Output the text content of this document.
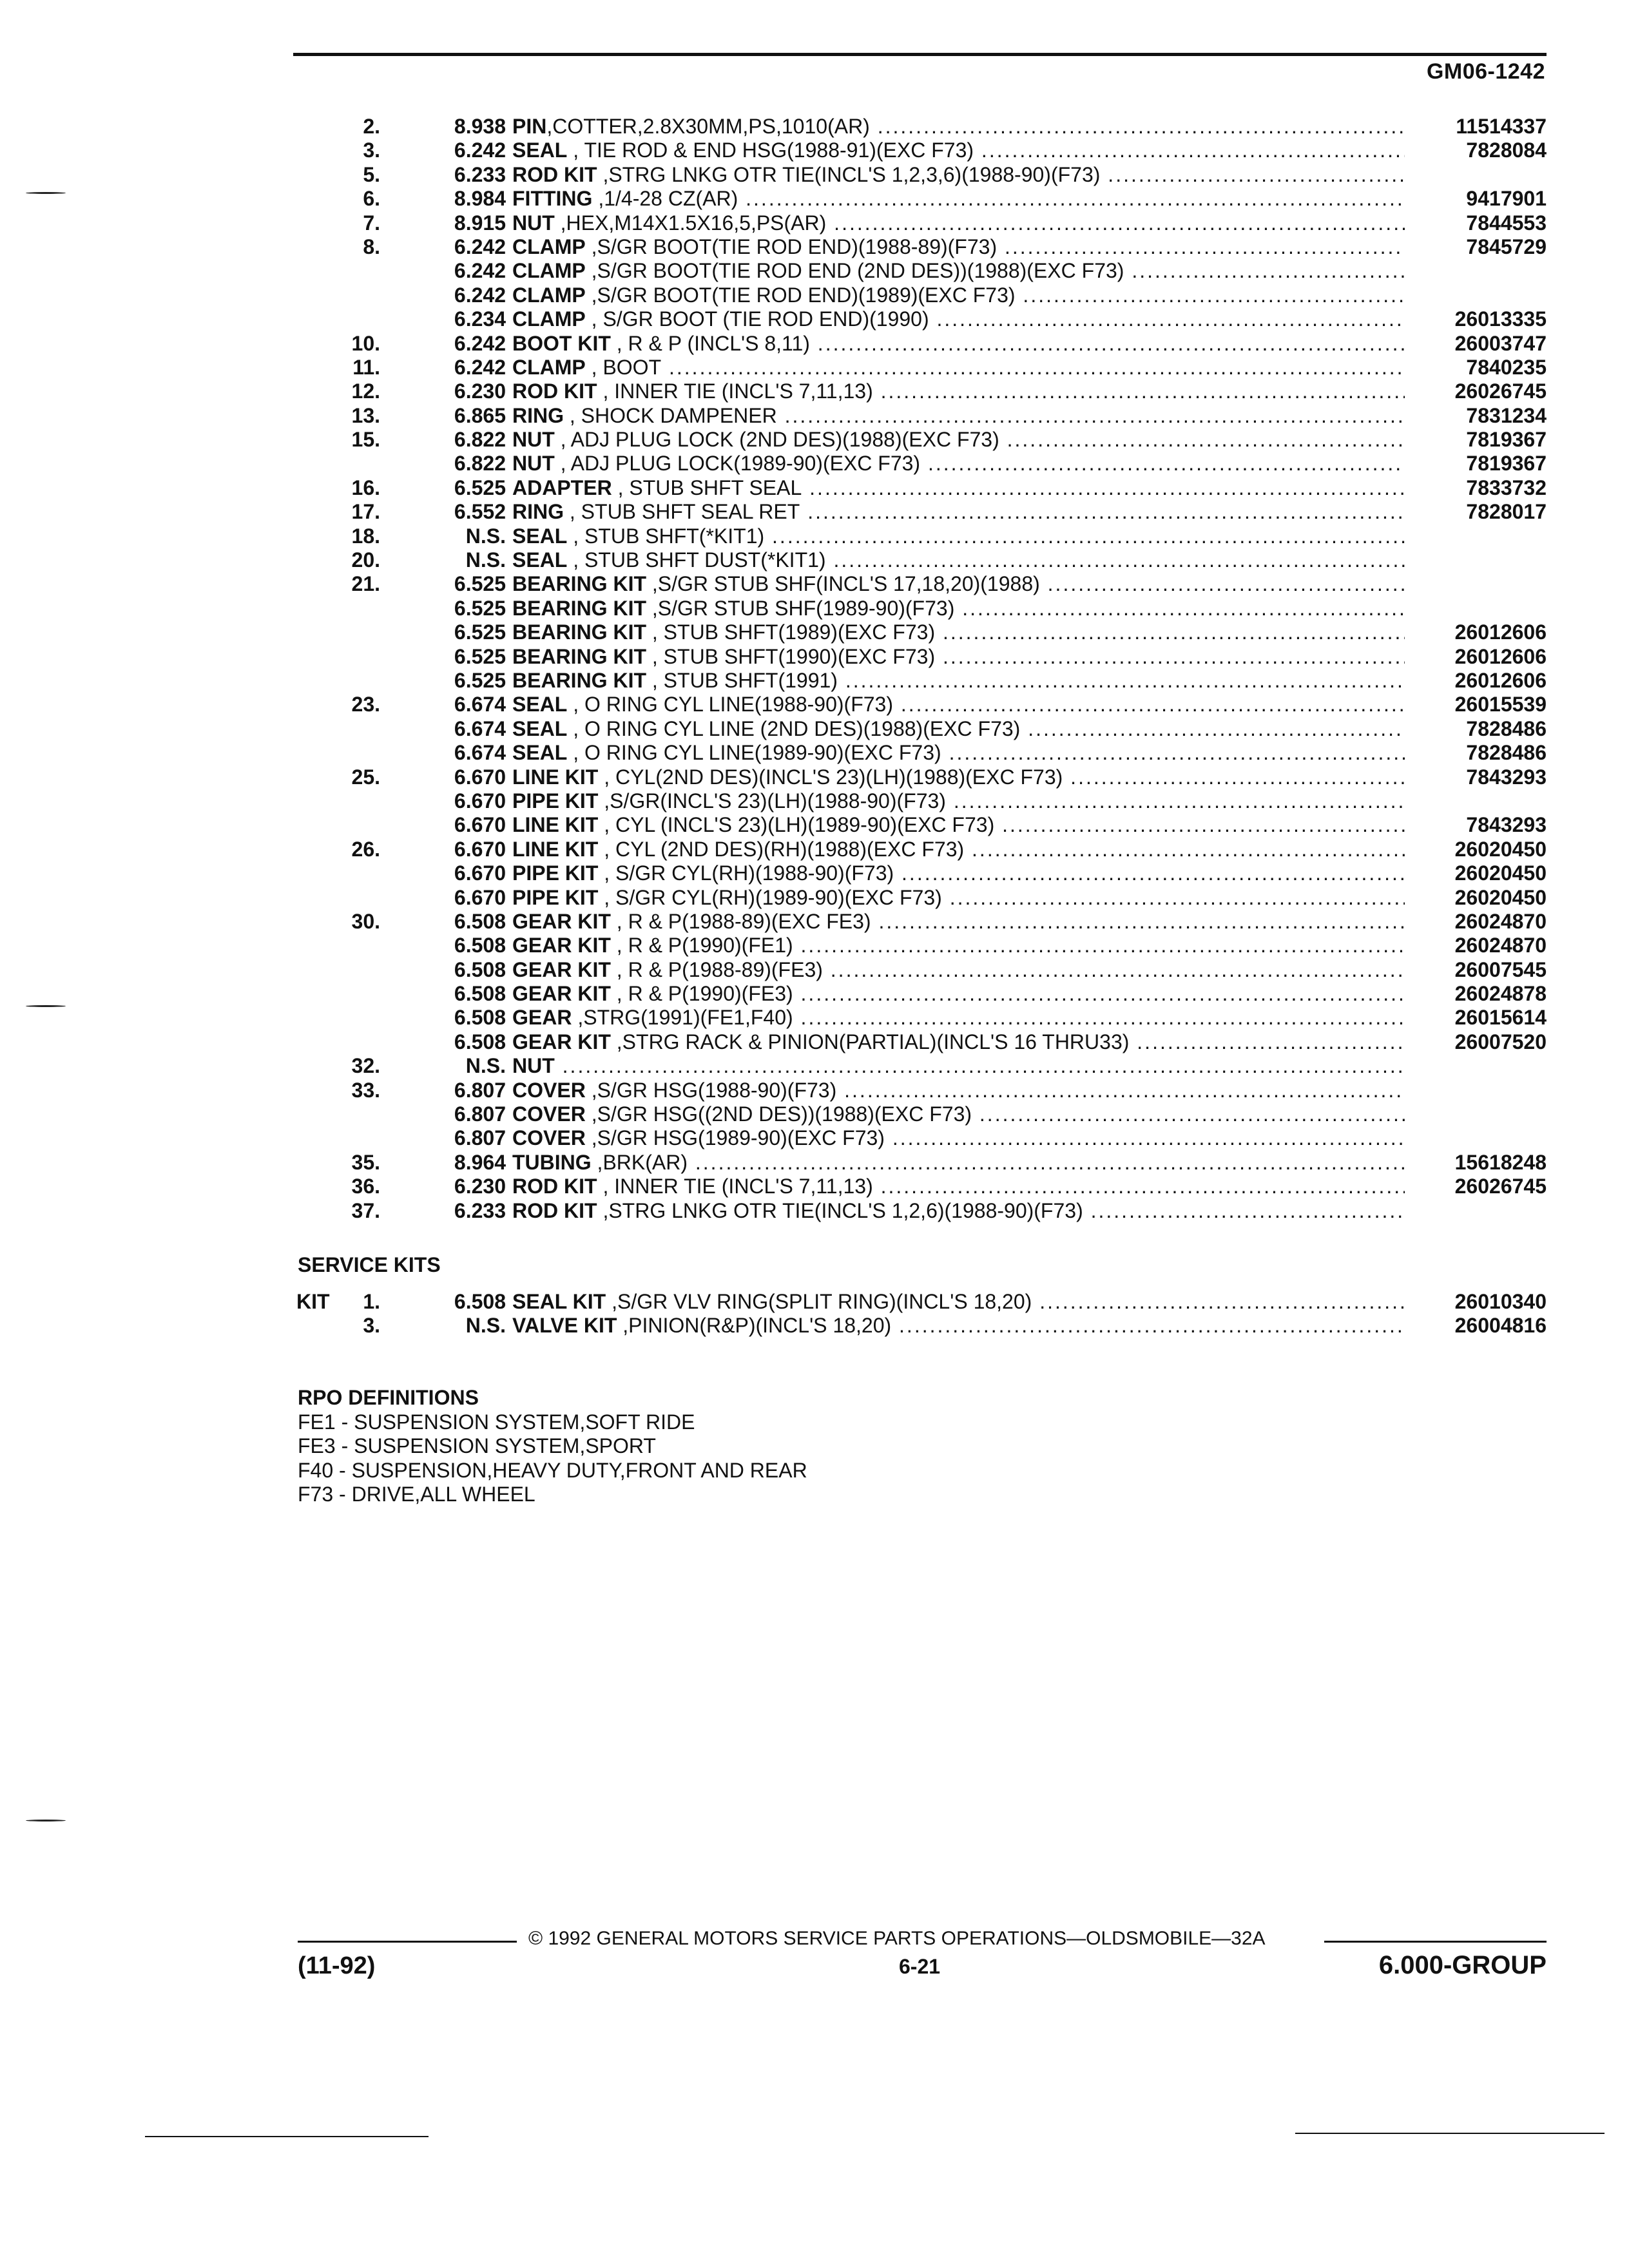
GM06-1242
2.	8.938 PIN,COTTER,2.8X30MM,PS,1010(AR) .....	11514337
3.	6.242 SEAL , TIE ROD & END HSG(1988-91)(EXC F73) .....	7828084
5.	6.233 ROD KIT ,STRG LNKG OTR TIE(INCL'S 1,2,3,6)(1988-90)(F73) .....
6.	8.984 FITTING ,1/4-28 CZ(AR) .....	9417901
7.	8.915 NUT ,HEX,M14X1.5X16,5,PS(AR) .....	7844553
8.	6.242 CLAMP ,S/GR BOOT(TIE ROD END)(1988-89)(F73) .....	7845729
6.242 CLAMP ,S/GR BOOT(TIE ROD END (2ND DES))(1988)(EXC F73) .....
6.242 CLAMP ,S/GR BOOT(TIE ROD END)(1989)(EXC F73) .....
6.234 CLAMP , S/GR BOOT (TIE ROD END)(1990) .....	26013335
10.	6.242 BOOT KIT , R & P (INCL'S 8,11) .....	26003747
11.	6.242 CLAMP , BOOT .....	7840235
12.	6.230 ROD KIT , INNER TIE (INCL'S 7,11,13) .....	26026745
13.	6.865 RING , SHOCK DAMPENER .....	7831234
15.	6.822 NUT , ADJ PLUG LOCK (2ND DES)(1988)(EXC F73) .....	7819367
6.822 NUT , ADJ PLUG LOCK(1989-90)(EXC F73) .....	7819367
16.	6.525 ADAPTER , STUB SHFT SEAL .....	7833732
17.	6.552 RING , STUB SHFT SEAL RET .....	7828017
18.	N.S. SEAL , STUB SHFT(*KIT1) .....
20.	N.S. SEAL , STUB SHFT DUST(*KIT1) .....
21.	6.525 BEARING KIT ,S/GR STUB SHF(INCL'S 17,18,20)(1988) .....
6.525 BEARING KIT ,S/GR STUB SHF(1989-90)(F73) .....
6.525 BEARING KIT , STUB SHFT(1989)(EXC F73) .....	26012606
6.525 BEARING KIT , STUB SHFT(1990)(EXC F73) .....	26012606
6.525 BEARING KIT , STUB SHFT(1991) .....	26012606
23.	6.674 SEAL , O RING CYL LINE(1988-90)(F73) .....	26015539
6.674 SEAL , O RING CYL LINE (2ND DES)(1988)(EXC F73) .....	7828486
6.674 SEAL , O RING CYL LINE(1989-90)(EXC F73) .....	7828486
25.	6.670 LINE KIT , CYL(2ND DES)(INCL'S 23)(LH)(1988)(EXC F73) .....	7843293
6.670 PIPE KIT ,S/GR(INCL'S 23)(LH)(1988-90)(F73) .....
6.670 LINE KIT , CYL (INCL'S 23)(LH)(1989-90)(EXC F73) .....	7843293
26.	6.670 LINE KIT , CYL (2ND DES)(RH)(1988)(EXC F73) .....	26020450
6.670 PIPE KIT , S/GR CYL(RH)(1988-90)(F73) .....	26020450
6.670 PIPE KIT , S/GR CYL(RH)(1989-90)(EXC F73) .....	26020450
30.	6.508 GEAR KIT , R & P(1988-89)(EXC FE3) .....	26024870
6.508 GEAR KIT , R & P(1990)(FE1) .....	26024870
6.508 GEAR KIT , R & P(1988-89)(FE3) .....	26007545
6.508 GEAR KIT , R & P(1990)(FE3) .....	26024878
6.508 GEAR ,STRG(1991)(FE1,F40) .....	26015614
6.508 GEAR KIT ,STRG RACK & PINION(PARTIAL)(INCL'S 16 THRU33) .....	26007520
32.	N.S. NUT .....
33.	6.807 COVER ,S/GR HSG(1988-90)(F73) .....
6.807 COVER ,S/GR HSG((2ND DES))(1988)(EXC F73) .....
6.807 COVER ,S/GR HSG(1989-90)(EXC F73) .....
35.	8.964 TUBING ,BRK(AR) .....	15618248
36.	6.230 ROD KIT , INNER TIE (INCL'S 7,11,13) .....	26026745
37.	6.233 ROD KIT ,STRG LNKG OTR TIE(INCL'S 1,2,6)(1988-90)(F73) .....
SERVICE KITS
KIT	1.	6.508 SEAL KIT ,S/GR VLV RING(SPLIT RING)(INCL'S 18,20) .....	26010340
3.	N.S. VALVE KIT ,PINION(R&P)(INCL'S 18,20) .....	26004816
RPO DEFINITIONS
FE1 - SUSPENSION SYSTEM,SOFT RIDE
FE3 - SUSPENSION SYSTEM,SPORT
F40 - SUSPENSION,HEAVY DUTY,FRONT AND REAR
F73 - DRIVE,ALL WHEEL
© 1992 GENERAL MOTORS SERVICE PARTS OPERATIONS—OLDSMOBILE—32A
(11-92)	6-21	6.000-GROUP
